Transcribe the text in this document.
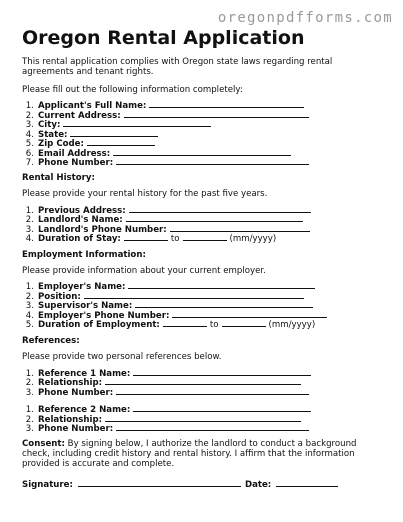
oregonpdfforms.com
Oregon Rental Application

This rental application complies with Oregon state laws regarding rental agreements and tenant rights.

Please fill out the following information completely:

1. Applicant's Full Name:
2. Current Address:
3. City:
4. State:
5. Zip Code:
6. Email Address:
7. Phone Number:

Rental History:

Please provide your rental history for the past five years.

1. Previous Address:
2. Landlord's Name:
3. Landlord's Phone Number:
4. Duration of Stay:	to	(mm/yyyy)

Employment Information:

Please provide information about your current employer.

1. Employer's Name:
2. Position:
3. Supervisor's Name:
4. Employer's Phone Number:
5. Duration of Employment:	to	(mm/yyyy)

References:

Please provide two personal references below.

1. Reference 1 Name:
2. Relationship:
3. Phone Number:
1. Reference 2 Name:
2. Relationship:
3. Phone Number:

Consent: By signing below, I authorize the landlord to conduct a background check, including credit history and rental history. I affirm that the information provided is accurate and complete.

Signature:	Date:
